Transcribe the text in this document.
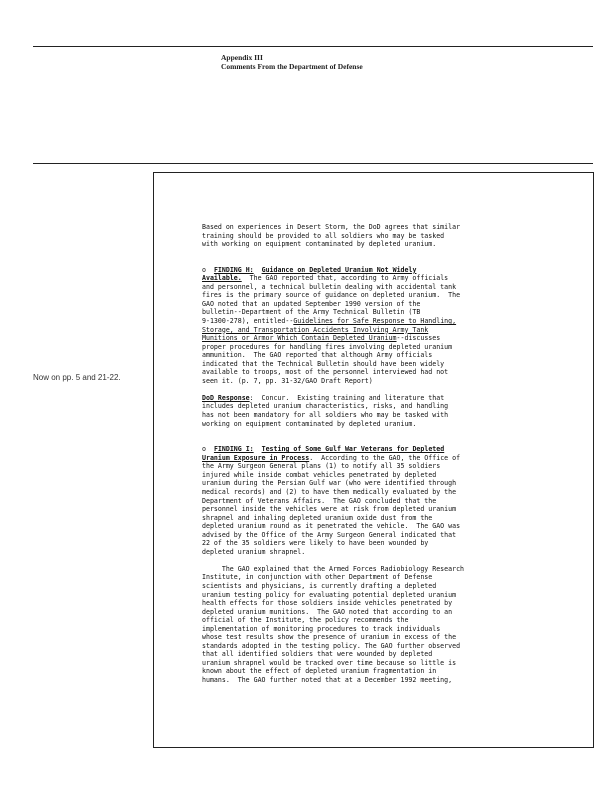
Appendix III
Comments From the Department of Defense
Now on pp. 5 and 21-22.
Based on experiences in Desert Storm, the DoD agrees that similar
training should be provided to all soldiers who may be tasked
with working on equipment contaminated by depleted uranium.
o FINDING H: Guidance on Depleted Uranium Not Widely
Available.  The GAO reported that, according to Army officials
and personnel, a technical bulletin dealing with accidental tank
fires is the primary source of guidance on depleted uranium.  The
GAO noted that an updated September 1990 version of the
bulletin--Department of the Army Technical Bulletin (TB
9-1300-278), entitled--Guidelines for Safe Response to Handling,
Storage, and Transportation Accidents Involving Army Tank
Munitions or Armor Which Contain Depleted Uranium--discusses
proper procedures for handling fires involving depleted uranium
ammunition.  The GAO reported that although Army officials
indicated that the Technical Bulletin should have been widely
available to troops, most of the personnel interviewed had not
seen it. (p. 7, pp. 31-32/GAO Draft Report)
DoD Response:  Concur.  Existing training and literature that
includes depleted uranium characteristics, risks, and handling
has not been mandatory for all soldiers who may be tasked with
working on equipment contaminated by depleted uranium.
o FINDING I: Testing of Some Gulf War Veterans for Depleted
Uranium Exposure in Process.  According to the GAO, the Office of
the Army Surgeon General plans (1) to notify all 35 soldiers
injured while inside combat vehicles penetrated by depleted
uranium during the Persian Gulf war (who were identified through
medical records) and (2) to have them medically evaluated by the
Department of Veterans Affairs.  The GAO concluded that the
personnel inside the vehicles were at risk from depleted uranium
shrapnel and inhaling depleted uranium oxide dust from the
depleted uranium round as it penetrated the vehicle.  The GAO was
advised by the Office of the Army Surgeon General indicated that
22 of the 35 soldiers were likely to have been wounded by
depleted uranium shrapnel.
The GAO explained that the Armed Forces Radiobiology Research
Institute, in conjunction with other Department of Defense
scientists and physicians, is currently drafting a depleted
uranium testing policy for evaluating potential depleted uranium
health effects for those soldiers inside vehicles penetrated by
depleted uranium munitions.  The GAO noted that according to an
official of the Institute, the policy recommends the
implementation of monitoring procedures to track individuals
whose test results show the presence of uranium in excess of the
standards adopted in the testing policy. The GAO further observed
that all identified soldiers that were wounded by depleted
uranium shrapnel would be tracked over time because so little is
known about the effect of depleted uranium fragmentation in
humans.  The GAO further noted that at a December 1992 meeting,
